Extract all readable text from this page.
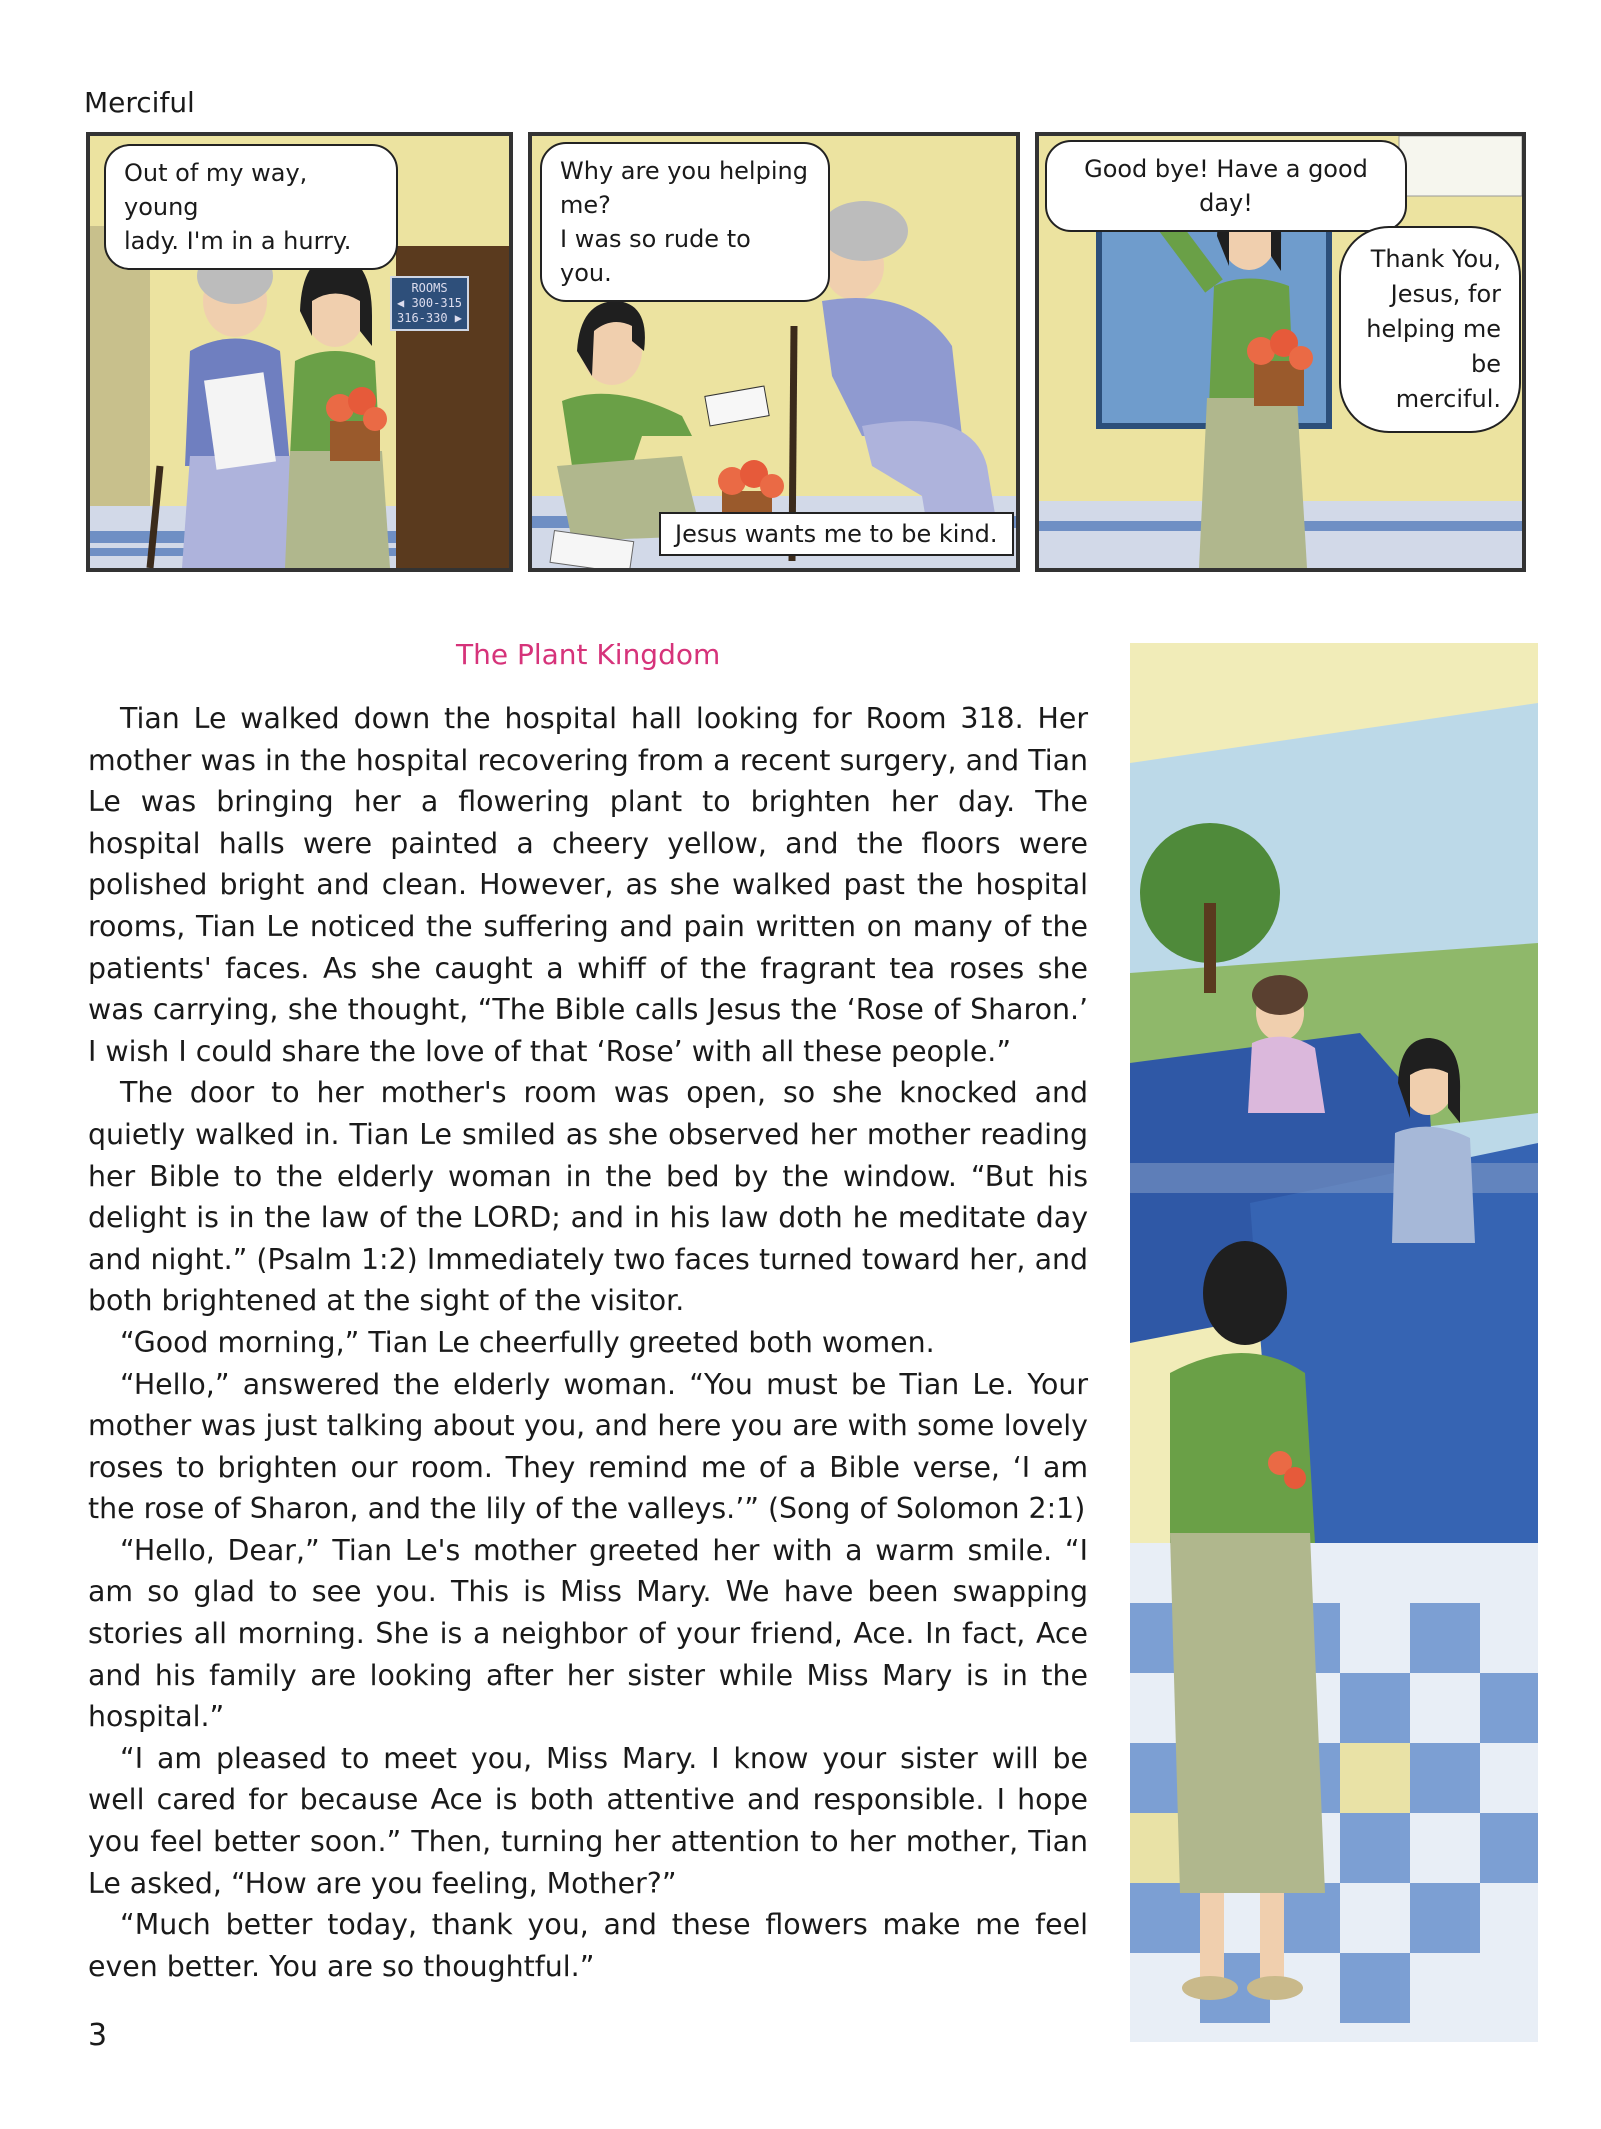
Merciful
ROOMS
◀ 300-315
316-330 ▶
Out of my way, young
lady. I'm in a hurry.
Why are you helping me?
I was so rude to you.
Jesus wants me to be kind.
Good bye! Have a good day!
Thank You,
Jesus, for
helping me
be merciful.
The Plant Kingdom

Tian Le walked down the hospital hall looking for Room 318. Her mother was in the hospital recovering from a recent surgery, and Tian Le was bringing her a flowering plant to brighten her day. The hospital halls were painted a cheery yellow, and the floors were polished bright and clean. However, as she walked past the hospital rooms, Tian Le noticed the suffering and pain written on many of the patients' faces. As she caught a whiff of the fragrant tea roses she was carrying, she thought, “The Bible calls Jesus the ‘Rose of Sharon.’ I wish I could share the love of that ‘Rose’ with all these people.”

The door to her mother's room was open, so she knocked and quietly walked in. Tian Le smiled as she observed her mother reading her Bible to the elderly woman in the bed by the window. “But his delight is in the law of the LORD; and in his law doth he meditate day and night.” (Psalm 1:2) Immediately two faces turned toward her, and both brightened at the sight of the visitor.

“Good morning,” Tian Le cheerfully greeted both women.

“Hello,” answered the elderly woman. “You must be Tian Le. Your mother was just talking about you, and here you are with some lovely roses to brighten our room. They remind me of a Bible verse, ‘I am the rose of Sharon, and the lily of the valleys.’” (Song of Solomon 2:1)

“Hello, Dear,” Tian Le's mother greeted her with a warm smile. “I am so glad to see you. This is Miss Mary. We have been swapping stories all morning. She is a neighbor of your friend, Ace. In fact, Ace and his family are looking after her sister while Miss Mary is in the hospital.”

“I am pleased to meet you, Miss Mary. I know your sister will be well cared for because Ace is both attentive and responsible. I hope you feel better soon.” Then, turning her attention to her mother, Tian Le asked, “How are you feeling, Mother?”

“Much better today, thank you, and these flowers make me feel even better. You are so thoughtful.”

3
